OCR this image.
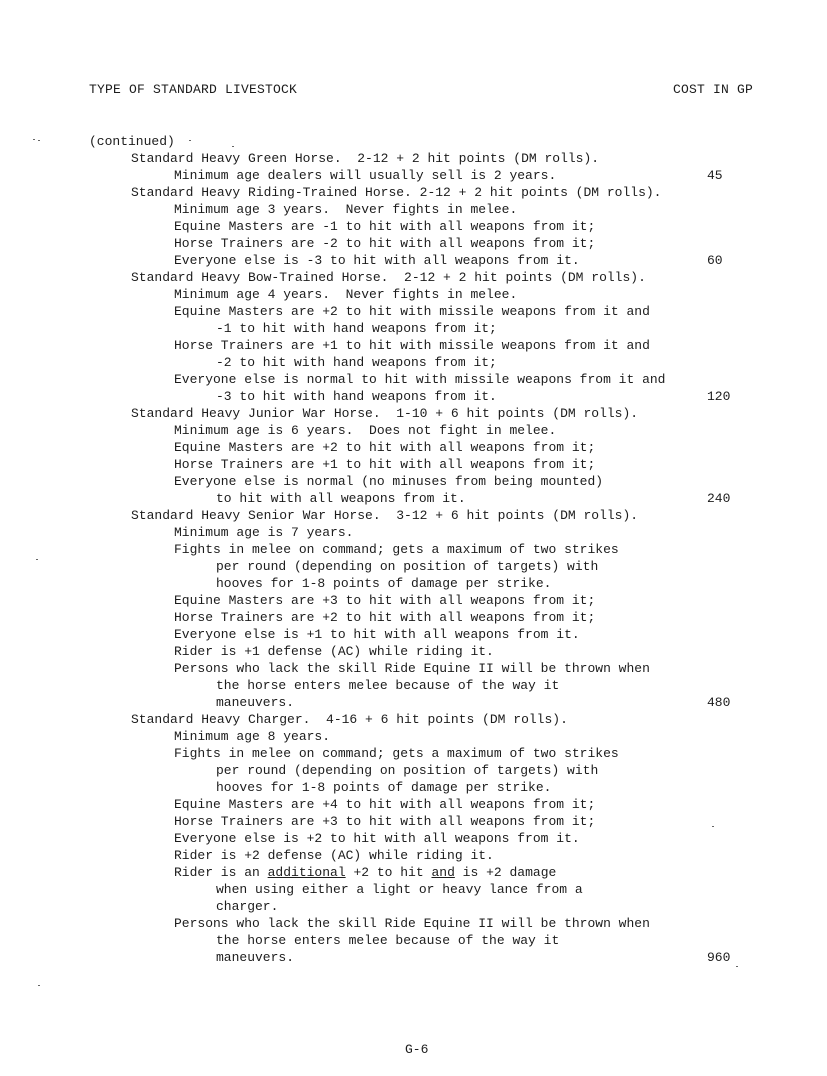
TYPE OF STANDARD LIVESTOCK	COST IN GP
(continued)
Standard Heavy Green Horse.  2-12 + 2 hit points (DM rolls).
Minimum age dealers will usually sell is 2 years.	45
Standard Heavy Riding-Trained Horse. 2-12 + 2 hit points (DM rolls).
Minimum age 3 years.  Never fights in melee.
Equine Masters are -1 to hit with all weapons from it;
Horse Trainers are -2 to hit with all weapons from it;
Everyone else is -3 to hit with all weapons from it.	60
Standard Heavy Bow-Trained Horse.  2-12 + 2 hit points (DM rolls).
Minimum age 4 years.  Never fights in melee.
Equine Masters are +2 to hit with missile weapons from it and
-1 to hit with hand weapons from it;
Horse Trainers are +1 to hit with missile weapons from it and
-2 to hit with hand weapons from it;
Everyone else is normal to hit with missile weapons from it and
-3 to hit with hand weapons from it.	120
Standard Heavy Junior War Horse.  1-10 + 6 hit points (DM rolls).
Minimum age is 6 years.  Does not fight in melee.
Equine Masters are +2 to hit with all weapons from it;
Horse Trainers are +1 to hit with all weapons from it;
Everyone else is normal (no minuses from being mounted)
to hit with all weapons from it.	240
Standard Heavy Senior War Horse.  3-12 + 6 hit points (DM rolls).
Minimum age is 7 years.
Fights in melee on command; gets a maximum of two strikes
per round (depending on position of targets) with
hooves for 1-8 points of damage per strike.
Equine Masters are +3 to hit with all weapons from it;
Horse Trainers are +2 to hit with all weapons from it;
Everyone else is +1 to hit with all weapons from it.
Rider is +1 defense (AC) while riding it.
Persons who lack the skill Ride Equine II will be thrown when
the horse enters melee because of the way it
maneuvers.	480
Standard Heavy Charger.  4-16 + 6 hit points (DM rolls).
Minimum age 8 years.
Fights in melee on command; gets a maximum of two strikes
per round (depending on position of targets) with
hooves for 1-8 points of damage per strike.
Equine Masters are +4 to hit with all weapons from it;
Horse Trainers are +3 to hit with all weapons from it;
Everyone else is +2 to hit with all weapons from it.
Rider is +2 defense (AC) while riding it.
Rider is an additional +2 to hit and is +2 damage
when using either a light or heavy lance from a
charger.
Persons who lack the skill Ride Equine II will be thrown when
the horse enters melee because of the way it
maneuvers.	960
G-6
